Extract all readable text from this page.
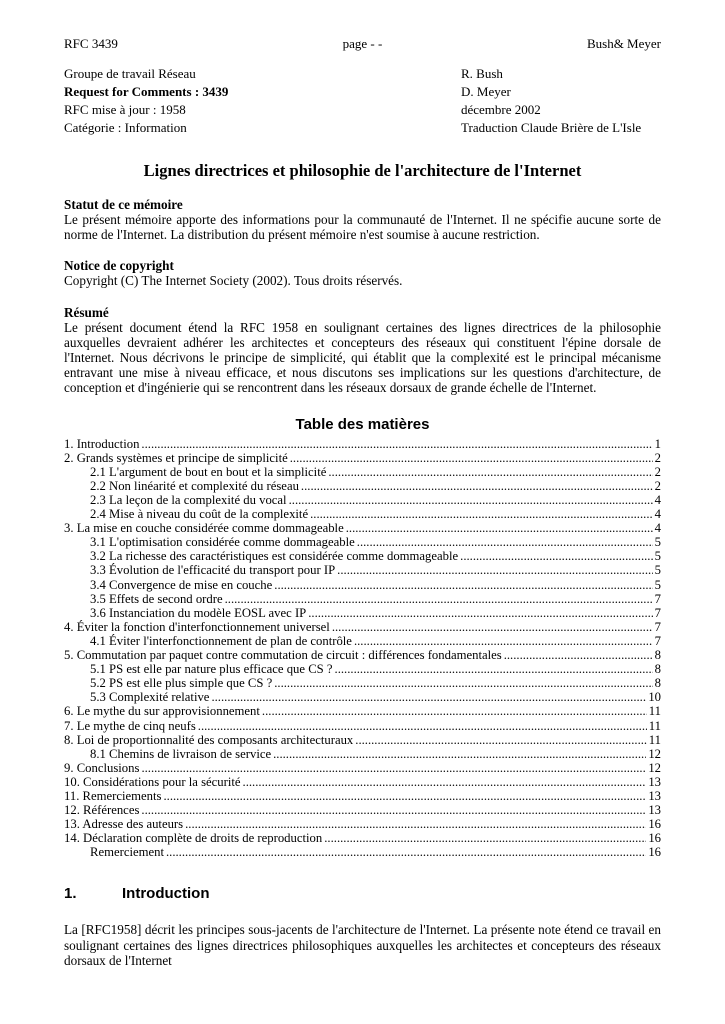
RFC 3439	page - -	Bush& Meyer
Groupe de travail Réseau
Request for Comments : 3439
RFC mise à jour : 1958
Catégorie : Information
R. Bush
D. Meyer
décembre 2002
Traduction Claude Brière de L'Isle
Lignes directrices et philosophie de l'architecture de l'Internet
Statut de ce mémoire

Le présent mémoire apporte des informations pour la communauté de l'Internet. Il ne spécifie aucune sorte de norme de l'Internet. La distribution du présent mémoire n'est soumise à aucune restriction.

Notice de copyright

Copyright (C) The Internet Society (2002). Tous droits réservés.

Résumé

Le présent document étend la RFC 1958 en soulignant certaines des lignes directrices de la philosophie auxquelles devraient adhérer les architectes et concepteurs des réseaux qui constituent l'épine dorsale de l'Internet. Nous décrivons le principe de simplicité, qui établit que la complexité est le principal mécanisme entravant une mise à niveau efficace, et nous discutons ses implications sur les questions d'architecture, de conception et d'ingénierie qui se rencontrent dans les réseaux dorsaux de grande échelle de l'Internet.

Table des matières
1. Introduction .....	1
2. Grands systèmes et principe de simplicité .....	2
2.1 L'argument de bout en bout et la simplicité .....	2
2.2 Non linéarité et complexité du réseau .....	2
2.3 La leçon de la complexité du vocal .....	4
2.4 Mise à niveau du coût de la complexité .....	4
3. La mise en couche considérée comme dommageable .....	4
3.1 L'optimisation considérée comme dommageable .....	5
3.2 La richesse des caractéristiques est considérée comme dommageable .....	5
3.3 Évolution de l'efficacité du transport pour IP .....	5
3.4 Convergence de mise en couche .....	5
3.5 Effets de second ordre .....	7
3.6 Instanciation du modèle EOSL avec IP .....	7
4. Éviter la fonction d'interfonctionnement universel .....	7
4.1 Éviter l'interfonctionnement de plan de contrôle .....	7
5. Commutation par paquet contre commutation de circuit : différences fondamentales .....	8
5.1 PS est elle par nature plus efficace que CS ? .....	8
5.2 PS est elle plus simple que CS ? .....	8
5.3 Complexité relative .....	10
6. Le mythe du sur approvisionnement .....	11
7. Le mythe de cinq neufs .....	11
8. Loi de proportionnalité des composants architecturaux .....	11
8.1 Chemins de livraison de service .....	12
9. Conclusions .....	12
10. Considérations pour la sécurité .....	13
11. Remerciements .....	13
12. Références .....	13
13. Adresse des auteurs .....	16
14. Déclaration complète de droits de reproduction .....	16
Remerciement .....	16
1.	Introduction

La [RFC1958] décrit les principes sous-jacents de l'architecture de l'Internet. La présente note étend ce travail en soulignant certaines des lignes directrices philosophiques auxquelles les architectes et concepteurs des réseaux dorsaux de l'Internet
